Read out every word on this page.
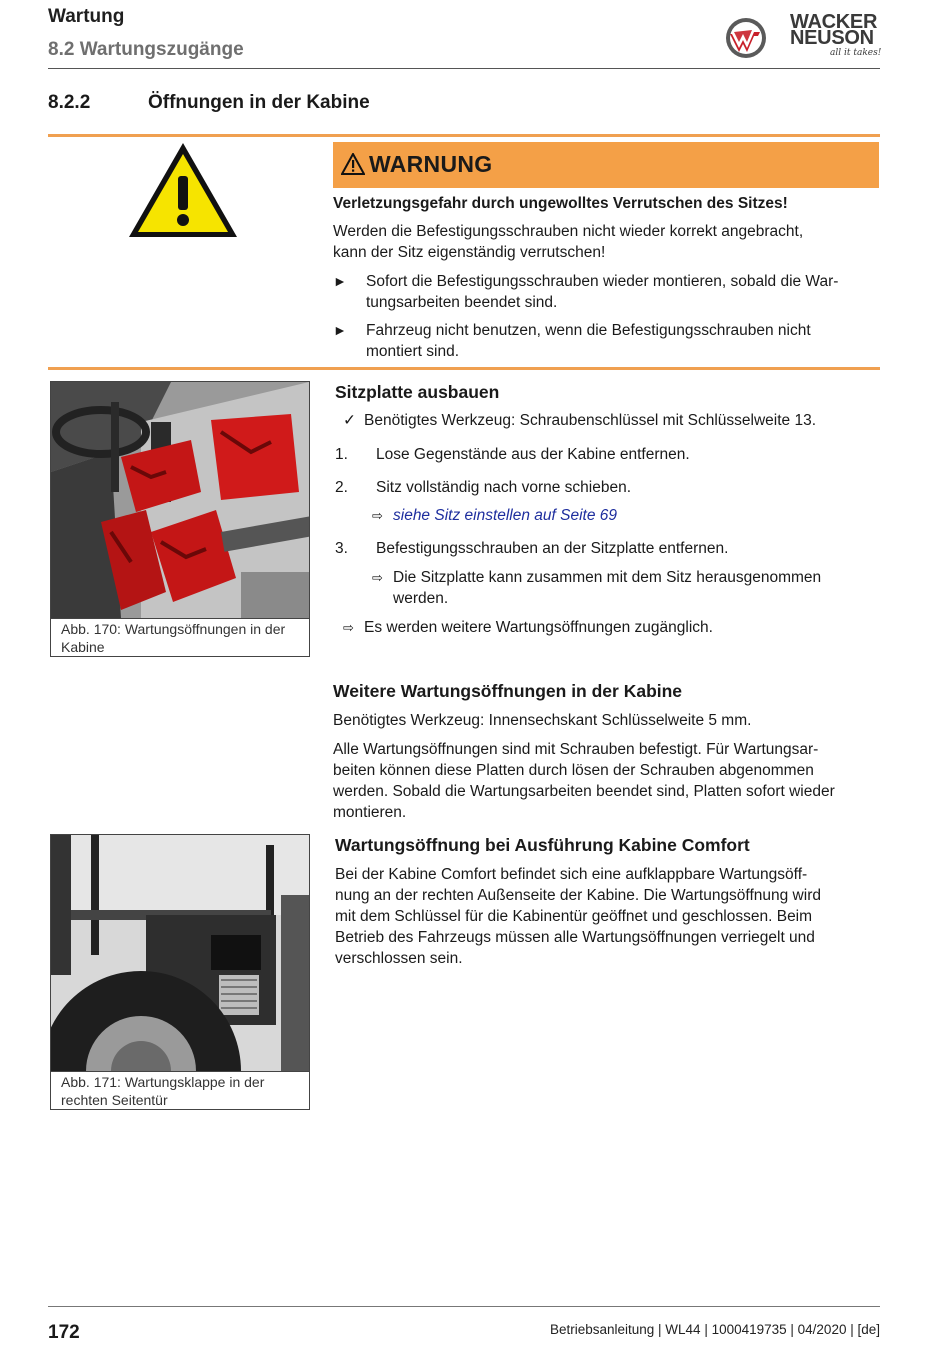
Wartung
8.2 Wartungszugänge
WACKER
NEUSON
all it takes!
8.2.2	Öffnungen in der Kabine
WARNUNG
Verletzungsgefahr durch ungewolltes Verrutschen des Sitzes!
Werden die Befestigungsschrauben nicht wieder korrekt angebracht,
kann der Sitz eigenständig verrutschen!
► Sofort die Befestigungsschrauben wieder montieren, sobald die War-
tungsarbeiten beendet sind.
► Fahrzeug nicht benutzen, wenn die Befestigungsschrauben nicht
montiert sind.
Abb. 170: Wartungsöffnungen in der
Kabine
Sitzplatte ausbauen
✓ Benötigtes Werkzeug: Schraubenschlüssel mit Schlüsselweite 13.
1. Lose Gegenstände aus der Kabine entfernen.
2. Sitz vollständig nach vorne schieben.
⇨ siehe Sitz einstellen auf Seite 69
3. Befestigungsschrauben an der Sitzplatte entfernen.
⇨ Die Sitzplatte kann zusammen mit dem Sitz herausgenommen
werden.
⇨ Es werden weitere Wartungsöffnungen zugänglich.
Weitere Wartungsöffnungen in der Kabine
Benötigtes Werkzeug: Innensechskant Schlüsselweite 5 mm.
Alle Wartungsöffnungen sind mit Schrauben befestigt. Für Wartungsar-
beiten können diese Platten durch lösen der Schrauben abgenommen
werden. Sobald die Wartungsarbeiten beendet sind, Platten sofort wieder
montieren.
Abb. 171: Wartungsklappe in der
rechten Seitentür
Wartungsöffnung bei Ausführung Kabine Comfort
Bei der Kabine Comfort befindet sich eine aufklappbare Wartungsöff-
nung an der rechten Außenseite der Kabine. Die Wartungsöffnung wird
mit dem Schlüssel für die Kabinentür geöffnet und geschlossen. Beim
Betrieb des Fahrzeugs müssen alle Wartungsöffnungen verriegelt und
verschlossen sein.
172	Betriebsanleitung | WL44 | 1000419735 | 04/2020 | [de]
